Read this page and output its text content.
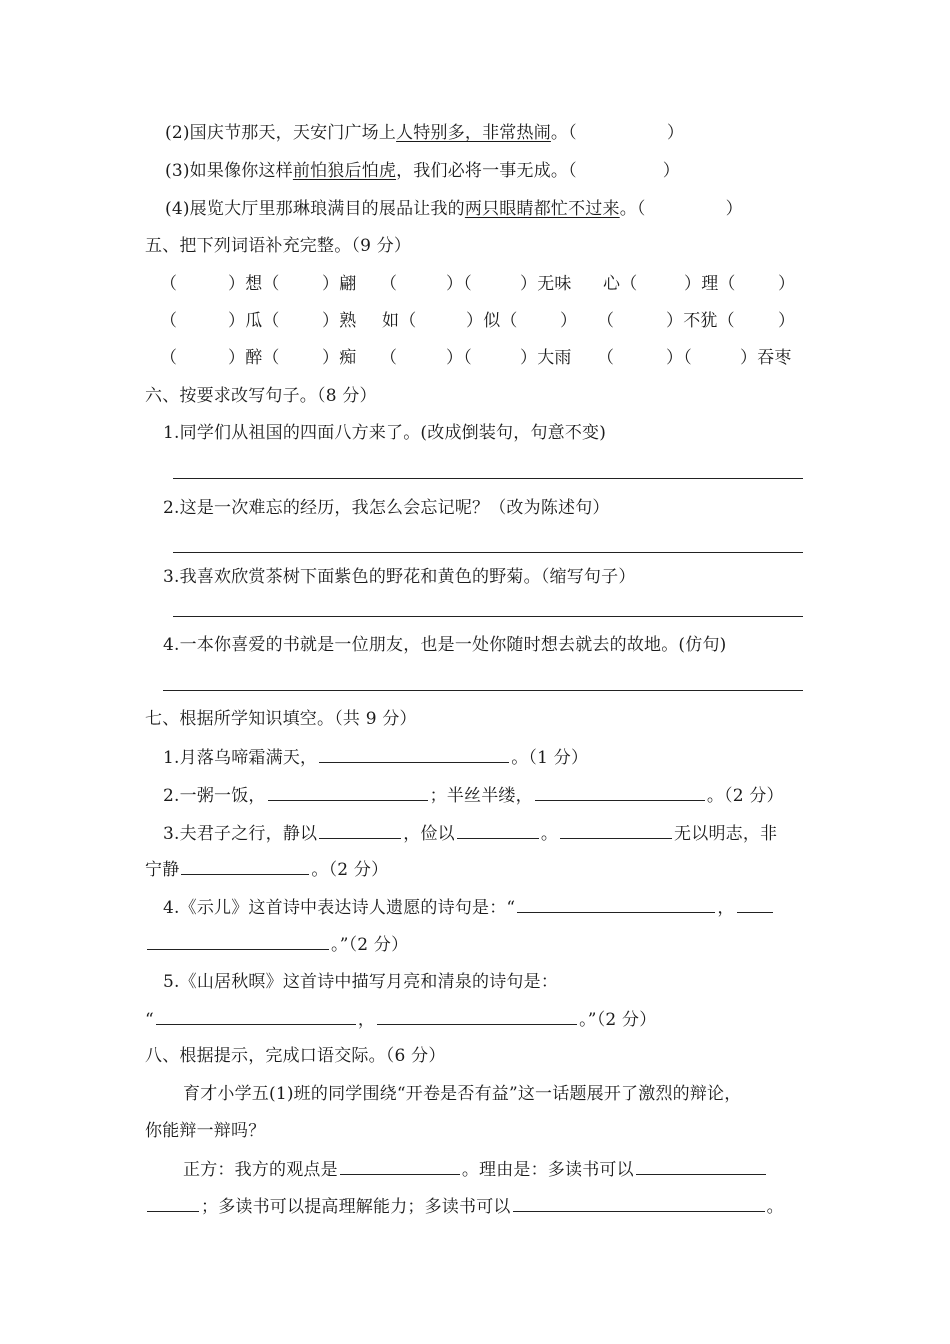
(2)国庆节那天，天安门广场上人特别多，非常热闹。（	）
(3)如果像你这样前怕狼后怕虎，我们必将一事无成。（	）
(4)展览大厅里那琳琅满目的展品让我的两只眼睛都忙不过来。（	）
五、把下列词语补充完整。（9 分）
（	）想（ ）翩 （	）（	）无味 心（	）理（ ）
（	）瓜（ ）熟 如（	）似（ ） （	）不犹（	）
（	）醉（ ）痴 （	）（	）大雨 （	）（	）吞枣
六、按要求改写句子。（8 分）
1.同学们从祖国的四面八方来了。(改成倒装句，句意不变)
2.这是一次难忘的经历，我怎么会忘记呢？（改为陈述句）
3.我喜欢欣赏茶树下面紫色的野花和黄色的野菊。（缩写句子）
4.一本你喜爱的书就是一位朋友，也是一处你随时想去就去的故地。(仿句)
七、根据所学知识填空。（共 9 分）
1.月落乌啼霜满天，	。（1 分）
2.一粥一饭，	；半丝半缕，	。（2 分）
3.夫君子之行，静以	，俭以	。	无以明志，非
宁静	。（2 分）
4.《示儿》这首诗中表达诗人遗愿的诗句是：“	，
。”（2 分）
5.《山居秋暝》这首诗中描写月亮和清泉的诗句是：
“	，	。”（2 分）
八、根据提示，完成口语交际。（6 分）
育才小学五(1)班的同学围绕“开卷是否有益”这一话题展开了激烈的辩论，
你能辩一辩吗？
正方：我方的观点是	。理由是：多读书可以
；多读书可以提高理解能力；多读书可以	。
